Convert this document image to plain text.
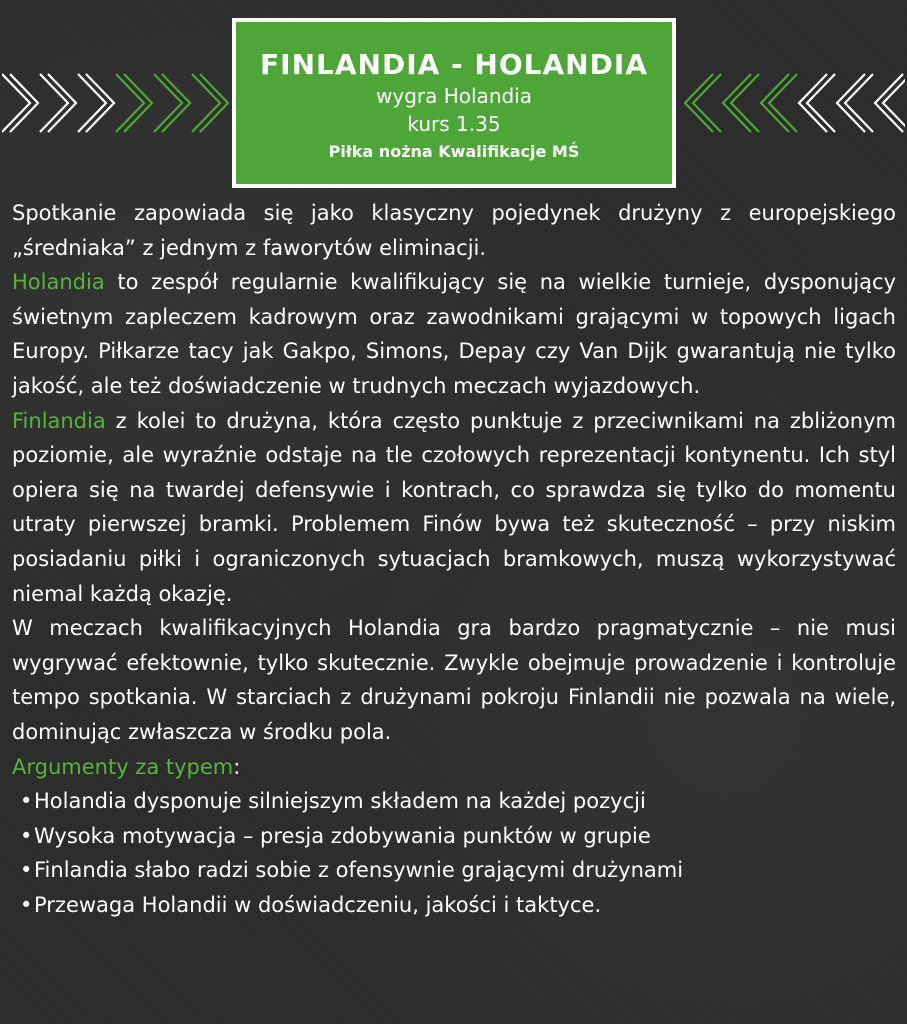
FINLANDIA - HOLANDIA
wygra Holandia
kurs 1.35
Piłka nożna Kwalifikacje MŚ

Spotkanie zapowiada się jako klasyczny pojedynek drużyny z europejskiego „średniaka” z jednym z faworytów eliminacji.

Holandia to zespół regularnie kwalifikujący się na wielkie turnieje, dysponujący świetnym zapleczem kadrowym oraz zawodnikami grającymi w topowych ligach Europy. Piłkarze tacy jak Gakpo, Simons, Depay czy Van Dijk gwarantują nie tylko jakość, ale też doświadczenie w trudnych meczach wyjazdowych.

Finlandia z kolei to drużyna, która często punktuje z przeciwnikami na zbliżonym poziomie, ale wyraźnie odstaje na tle czołowych reprezentacji kontynentu. Ich styl opiera się na twardej defensywie i kontrach, co sprawdza się tylko do momentu utraty pierwszej bramki. Problemem Finów bywa też skuteczność – przy niskim posiadaniu piłki i ograniczonych sytuacjach bramkowych, muszą wykorzystywać niemal każdą okazję.

W meczach kwalifikacyjnych Holandia gra bardzo pragmatycznie – nie musi wygrywać efektownie, tylko skutecznie. Zwykle obejmuje prowadzenie i kontroluje tempo spotkania. W starciach z drużynami pokroju Finlandii nie pozwala na wiele, dominując zwłaszcza w środku pola.

Argumenty za typem:

•Holandia dysponuje silniejszym składem na każdej pozycji
•Wysoka motywacja – presja zdobywania punktów w grupie
•Finlandia słabo radzi sobie z ofensywnie grającymi drużynami
•Przewaga Holandii w doświadczeniu, jakości i taktyce.
